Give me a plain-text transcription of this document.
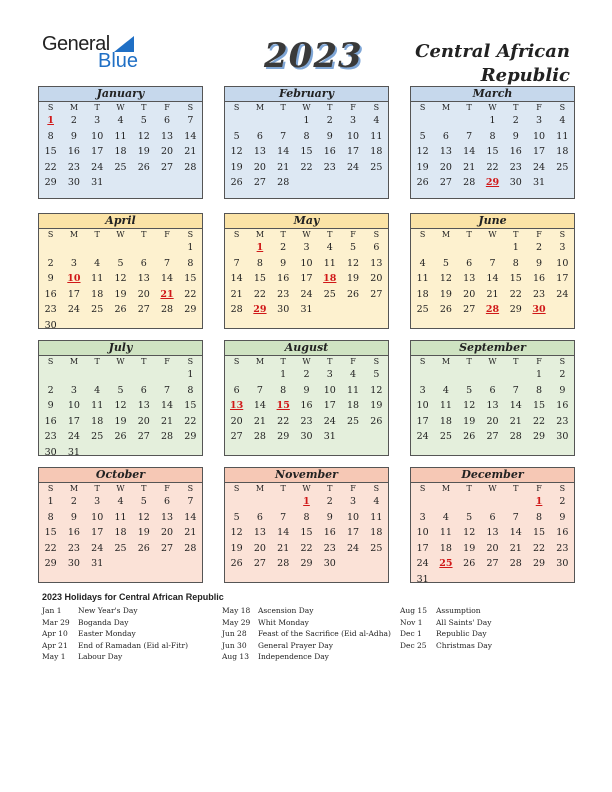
General
Blue	2023	Central African
Republic
January
S	M	T	W	T	F	S
1	2	3	4	5	6	7
8	9	10	11	12	13	14
15	16	17	18	19	20	21
22	23	24	25	26	27	28
29	30	31				
February
S	M	T	W	T	F	S
			1	2	3	4
5	6	7	8	9	10	11
12	13	14	15	16	17	18
19	20	21	22	23	24	25
26	27	28				
March
S	M	T	W	T	F	S
			1	2	3	4
5	6	7	8	9	10	11
12	13	14	15	16	17	18
19	20	21	22	23	24	25
26	27	28	29	30	31	
April
S	M	T	W	T	F	S
						1
2	3	4	5	6	7	8
9	10	11	12	13	14	15
16	17	18	19	20	21	22
23	24	25	26	27	28	29
30						
May
S	M	T	W	T	F	S
	1	2	3	4	5	6
7	8	9	10	11	12	13
14	15	16	17	18	19	20
21	22	23	24	25	26	27
28	29	30	31			
June
S	M	T	W	T	F	S
				1	2	3
4	5	6	7	8	9	10
11	12	13	14	15	16	17
18	19	20	21	22	23	24
25	26	27	28	29	30	
July
S	M	T	W	T	F	S
						1
2	3	4	5	6	7	8
9	10	11	12	13	14	15
16	17	18	19	20	21	22
23	24	25	26	27	28	29
30	31					
August
S	M	T	W	T	F	S
		1	2	3	4	5
6	7	8	9	10	11	12
13	14	15	16	17	18	19
20	21	22	23	24	25	26
27	28	29	30	31		
September
S	M	T	W	T	F	S
					1	2
3	4	5	6	7	8	9
10	11	12	13	14	15	16
17	18	19	20	21	22	23
24	25	26	27	28	29	30
October
S	M	T	W	T	F	S
1	2	3	4	5	6	7
8	9	10	11	12	13	14
15	16	17	18	19	20	21
22	23	24	25	26	27	28
29	30	31				
November
S	M	T	W	T	F	S
			1	2	3	4
5	6	7	8	9	10	11
12	13	14	15	16	17	18
19	20	21	22	23	24	25
26	27	28	29	30		
December
S	M	T	W	T	F	S
					1	2
3	4	5	6	7	8	9
10	11	12	13	14	15	16
17	18	19	20	21	22	23
24	25	26	27	28	29	30
31						
2023 Holidays for Central African Republic
Jan 1 New Year's Day
Mar 29 Boganda Day
Apr 10 Easter Monday
Apr 21 End of Ramadan (Eid al-Fitr)
May 1 Labour Day
May 18 Ascension Day
May 29 Whit Monday
Jun 28 Feast of the Sacrifice (Eid al-Adha)
Jun 30 General Prayer Day
Aug 13 Independence Day
Aug 15 Assumption
Nov 1 All Saints' Day
Dec 1 Republic Day
Dec 25 Christmas Day
